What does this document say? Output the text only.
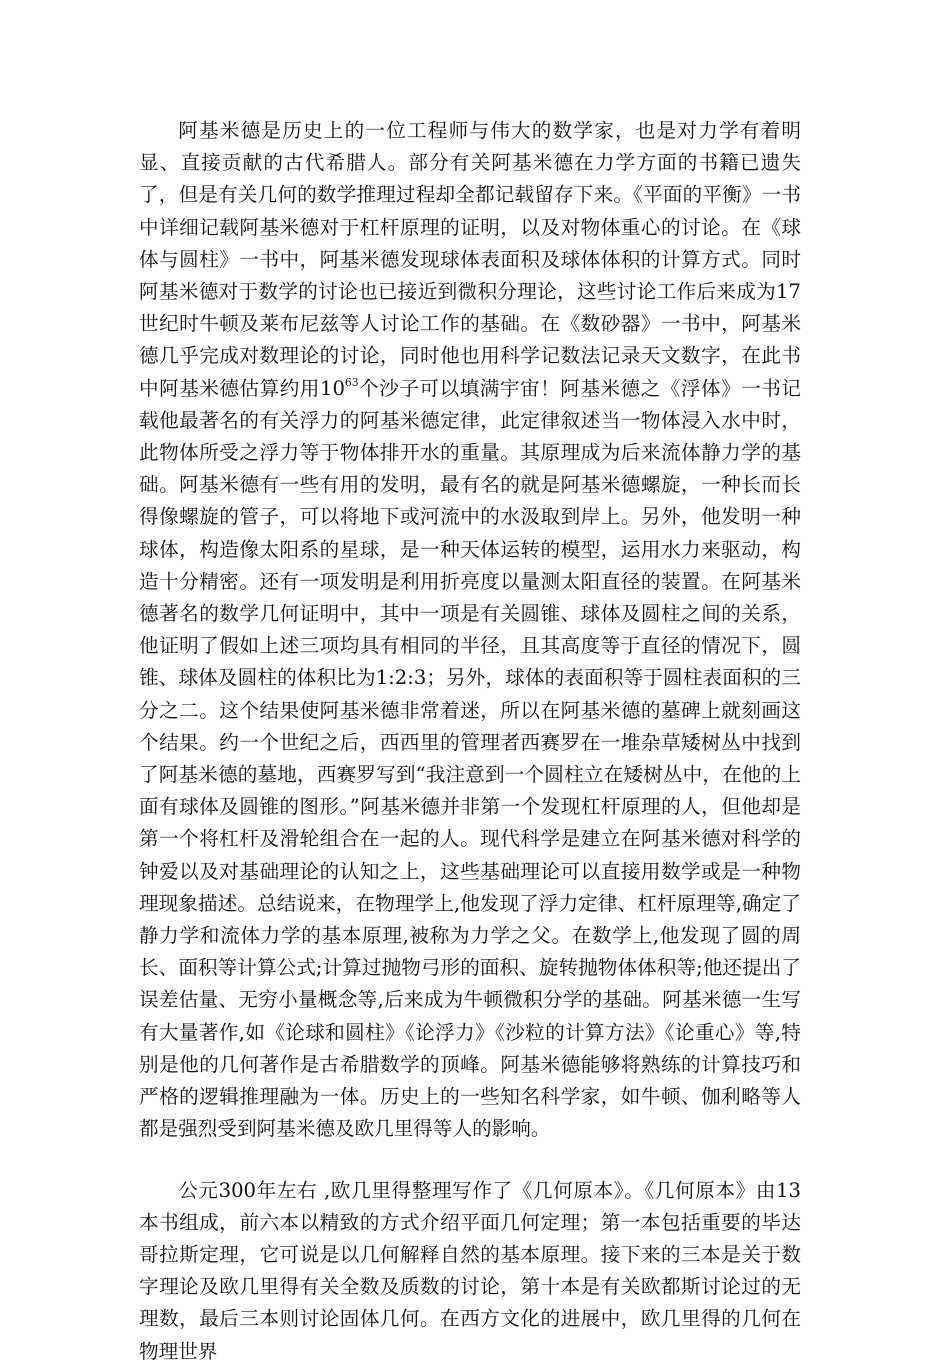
阿基米德是历史上的一位工程师与伟大的数学家，也是对力学有着明显、直接贡献的古代希腊人。部分有关阿基米德在力学方面的书籍已遗失了，但是有关几何的数学推理过程却全都记载留存下来。《平面的平衡》一书中详细记载阿基米德对于杠杆原理的证明，以及对物体重心的讨论。在《球体与圆柱》一书中，阿基米德发现球体表面积及球体体积的计算方式。同时阿基米德对于数学的讨论也已接近到微积分理论，这些讨论工作后来成为17世纪时牛顿及莱布尼兹等人讨论工作的基础。在《数砂器》一书中，阿基米德几乎完成对数理论的讨论，同时他也用科学记数法记录天文数字，在此书中阿基米德估算约用$10^{63}$个沙子可以填满宇宙！阿基米德之《浮体》一书记载他最著名的有关浮力的阿基米德定律，此定律叙述当一物体浸入水中时，此物体所受之浮力等于物体排开水的重量。其原理成为后来流体静力学的基础。阿基米德有一些有用的发明，最有名的就是阿基米德螺旋，一种长而长得像螺旋的管子，可以将地下或河流中的水汲取到岸上。另外，他发明一种球体，构造像太阳系的星球，是一种天体运转的模型，运用水力来驱动，构造十分精密。还有一项发明是利用折亮度以量测太阳直径的装置。在阿基米德著名的数学几何证明中，其中一项是有关圆锥、球体及圆柱之间的关系，他证明了假如上述三项均具有相同的半径，且其高度等于直径的情况下，圆锥、球体及圆柱的体积比为1:2:3；另外，球体的表面积等于圆柱表面积的三分之二。这个结果使阿基米德非常着迷，所以在阿基米德的墓碑上就刻画这个结果。约一个世纪之后，西西里的管理者西赛罗在一堆杂草矮树丛中找到了阿基米德的墓地，西赛罗写到“我注意到一个圆柱立在矮树丛中，在他的上面有球体及圆锥的图形。”阿基米德并非第一个发现杠杆原理的人，但他却是第一个将杠杆及滑轮组合在一起的人。现代科学是建立在阿基米德对科学的钟爱以及对基础理论的认知之上，这些基础理论可以直接用数学或是一种物理现象描述。总结说来，在物理学上,他发现了浮力定律、杠杆原理等,确定了静力学和流体力学的基本原理,被称为力学之父。在数学上,他发现了圆的周长、面积等计算公式;计算过抛物弓形的面积、旋转抛物体体积等;他还提出了误差估量、无穷小量概念等,后来成为牛顿微积分学的基础。阿基米德一生写有大量著作,如《论球和圆柱》《论浮力》《沙粒的计算方法》《论重心》等,特别是他的几何著作是古希腊数学的顶峰。阿基米德能够将熟练的计算技巧和严格的逻辑推理融为一体。历史上的一些知名科学家，如牛顿、伽利略等人都是强烈受到阿基米德及欧几里得等人的影响。

公元300年左右 ,欧几里得整理写作了《几何原本》。《几何原本》由13本书组成，前六本以精致的方式介绍平面几何定理；第一本包括重要的毕达哥拉斯定理，它可说是以几何解释自然的基本原理。接下来的三本是关于数字理论及欧几里得有关全数及质数的讨论，第十本是有关欧都斯讨论过的无理数，最后三本则讨论固体几何。在西方文化的进展中，欧几里得的几何在物理世界
